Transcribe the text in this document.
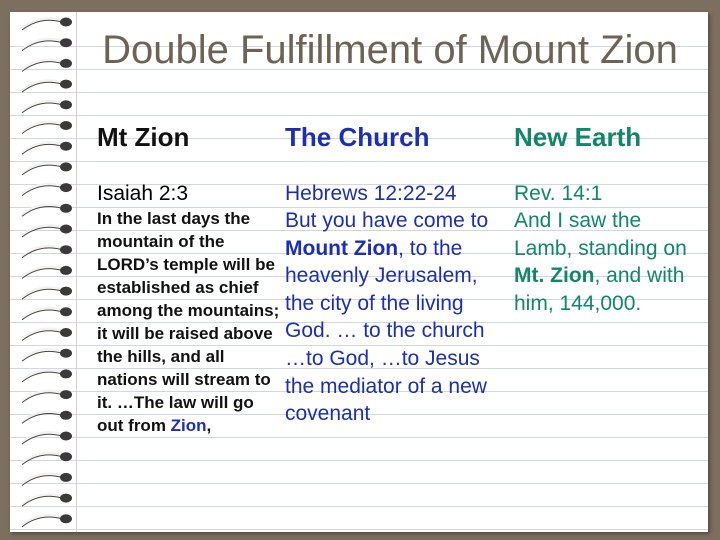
Double Fulfillment of Mount Zion
Mt Zion	The Church	New Earth

Isaiah 2:3

In the last days the mountain of the LORD’s temple will be established as chief among the mountains; it will be raised above the hills, and all nations will stream to it. …The law will go out from Zion,

Hebrews 12:22-24

But you have come to Mount Zion, to the heavenly Jerusalem, the city of the living God. … to the church …to God, …to Jesus the mediator of a new covenant

Rev. 14:1

And I saw the Lamb, standing on Mt. Zion, and with him, 144,000.
